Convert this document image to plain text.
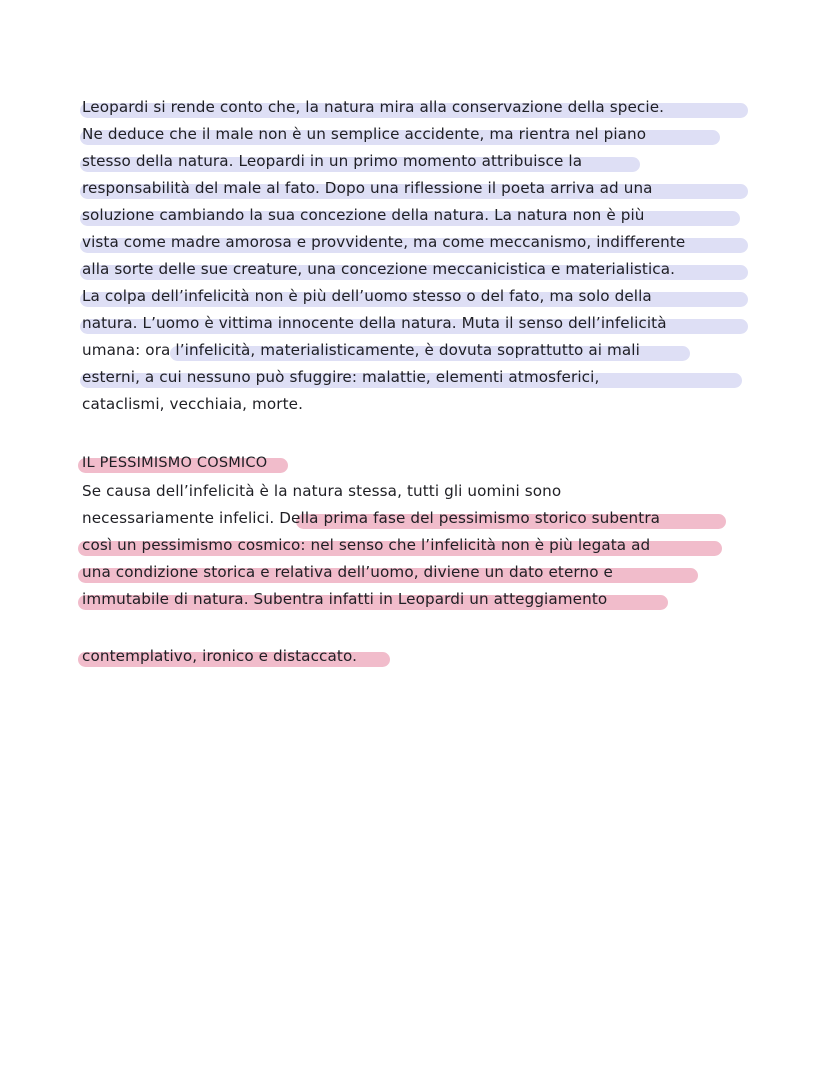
Leopardi si rende conto che, la natura mira alla conservazione della specie.
Ne deduce che il male non è un semplice accidente, ma rientra nel piano
stesso della natura. Leopardi in un primo momento attribuisce la
responsabilità del male al fato. Dopo una riflessione il poeta arriva ad una
soluzione cambiando la sua concezione della natura. La natura non è più
vista come madre amorosa e provvidente, ma come meccanismo, indifferente
alla sorte delle sue creature, una concezione meccanicistica e materialistica.
La colpa dell’infelicità non è più dell’uomo stesso o del fato, ma solo della
natura. L’uomo è vittima innocente della natura. Muta il senso dell’infelicità
umana: ora l’infelicità, materialisticamente, è dovuta soprattutto ai mali
esterni, a cui nessuno può sfuggire: malattie, elementi atmosferici,
cataclismi, vecchiaia, morte.
IL PESSIMISMO COSMICO
Se causa dell’infelicità è la natura stessa, tutti gli uomini sono
necessariamente infelici. Della prima fase del pessimismo storico subentra
così un pessimismo cosmico: nel senso che l’infelicità non è più legata ad
una condizione storica e relativa dell’uomo, diviene un dato eterno e
immutabile di natura. Subentra infatti in Leopardi un atteggiamento
contemplativo, ironico e distaccato.
